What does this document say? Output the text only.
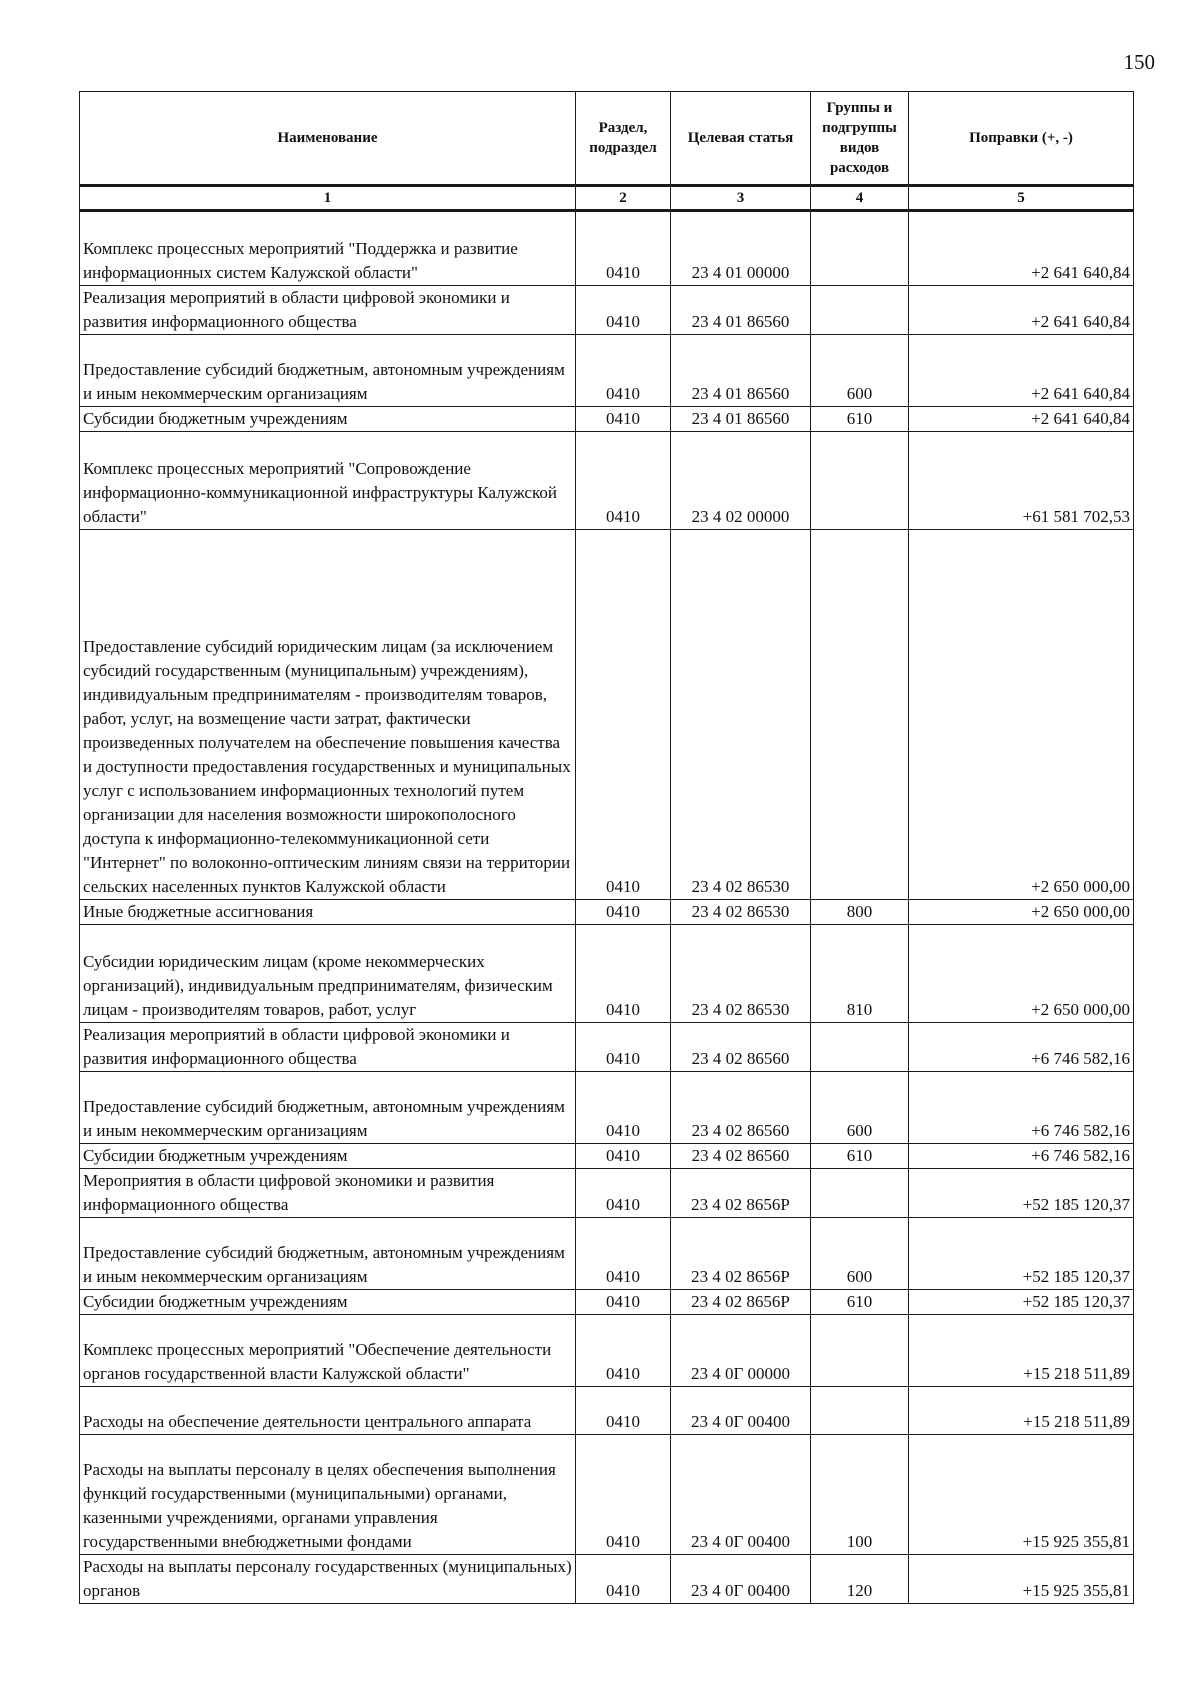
150
Наименование	Раздел, подраздел	Целевая статья	Группы и подгруппы видов расходов	Поправки (+, -)
1	2	3	4	5
Комплекс процессных мероприятий "Поддержка и развитие информационных систем Калужской области"	0410	23 4 01 00000		+2 641 640,84
Реализация мероприятий в области цифровой экономики и развития информационного общества	0410	23 4 01 86560		+2 641 640,84
Предоставление субсидий бюджетным, автономным учреждениям и иным некоммерческим организациям	0410	23 4 01 86560	600	+2 641 640,84
Субсидии бюджетным учреждениям	0410	23 4 01 86560	610	+2 641 640,84
Комплекс процессных мероприятий "Сопровождение информационно-коммуникационной инфраструктуры Калужской области"	0410	23 4 02 00000		+61 581 702,53
Предоставление субсидий юридическим лицам (за исключением субсидий государственным (муниципальным) учреждениям), индивидуальным предпринимателям - производителям товаров, работ, услуг, на возмещение части затрат, фактически произведенных получателем на обеспечение повышения качества и доступности предоставления государственных и муниципальных услуг с использованием информационных технологий путем организации для населения возможности широкополосного доступа к информационно-телекоммуникационной сети "Интернет" по волоконно-оптическим линиям связи на территории сельских населенных пунктов Калужской области	0410	23 4 02 86530		+2 650 000,00
Иные бюджетные ассигнования	0410	23 4 02 86530	800	+2 650 000,00
Субсидии юридическим лицам (кроме некоммерческих организаций), индивидуальным предпринимателям, физическим лицам - производителям товаров, работ, услуг	0410	23 4 02 86530	810	+2 650 000,00
Реализация мероприятий в области цифровой экономики и развития информационного общества	0410	23 4 02 86560		+6 746 582,16
Предоставление субсидий бюджетным, автономным учреждениям и иным некоммерческим организациям	0410	23 4 02 86560	600	+6 746 582,16
Субсидии бюджетным учреждениям	0410	23 4 02 86560	610	+6 746 582,16
Мероприятия в области цифровой экономики и развития информационного общества	0410	23 4 02 8656Р		+52 185 120,37
Предоставление субсидий бюджетным, автономным учреждениям и иным некоммерческим организациям	0410	23 4 02 8656Р	600	+52 185 120,37
Субсидии бюджетным учреждениям	0410	23 4 02 8656Р	610	+52 185 120,37
Комплекс процессных мероприятий "Обеспечение деятельности органов государственной власти Калужской области"	0410	23 4 0Г 00000		+15 218 511,89
Расходы на обеспечение деятельности центрального аппарата	0410	23 4 0Г 00400		+15 218 511,89
Расходы на выплаты персоналу в целях обеспечения выполнения функций государственными (муниципальными) органами, казенными учреждениями, органами управления государственными внебюджетными фондами	0410	23 4 0Г 00400	100	+15 925 355,81
Расходы на выплаты персоналу государственных (муниципальных) органов	0410	23 4 0Г 00400	120	+15 925 355,81
